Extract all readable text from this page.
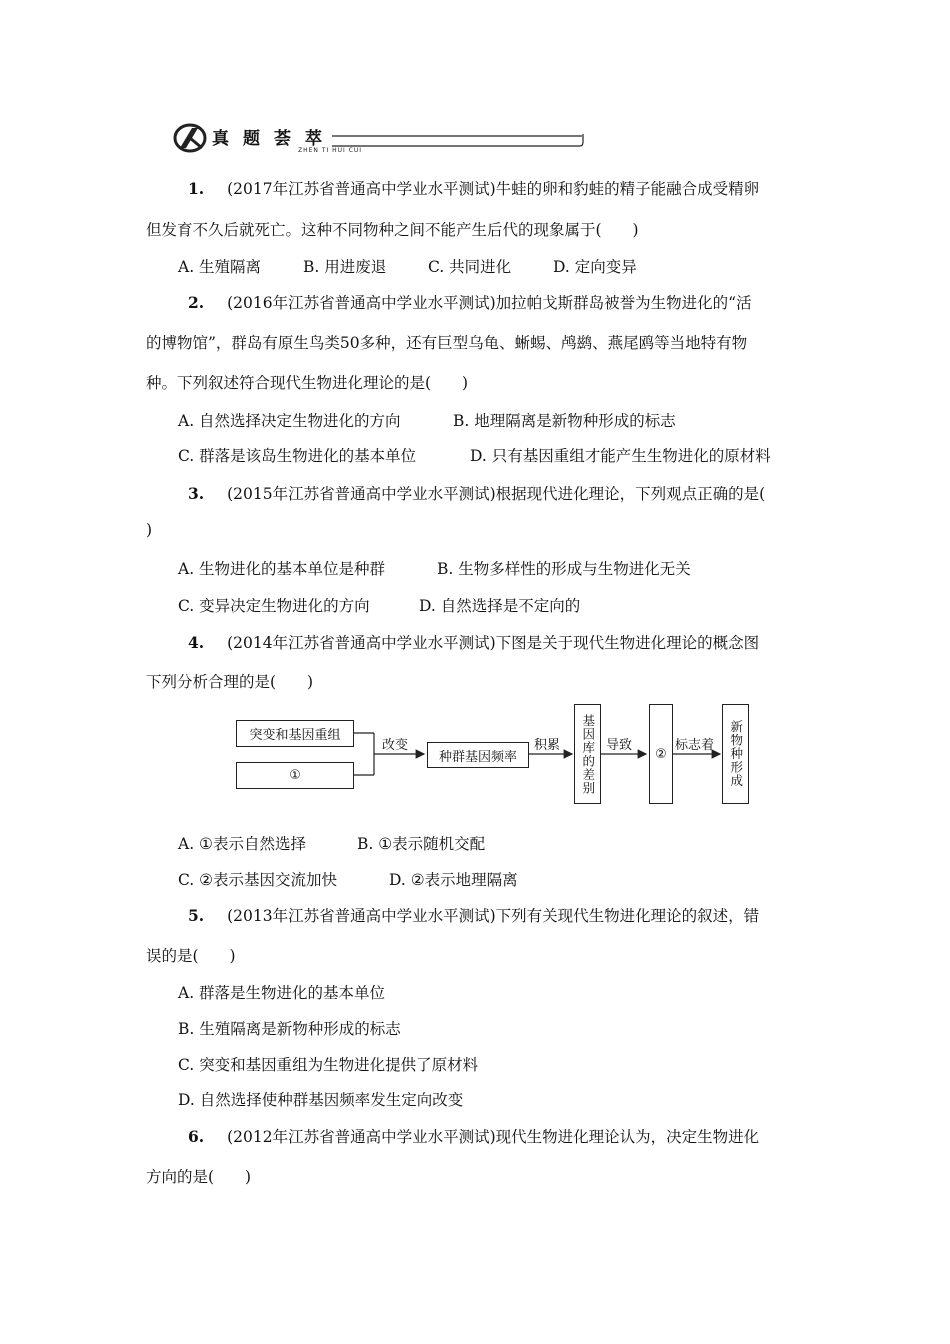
真题荟萃
ZHEN TI HUI CUI
1. (2017年江苏省普通高中学业水平测试)牛蛙的卵和豹蛙的精子能融合成受精卵
但发育不久后就死亡。这种不同物种之间不能产生后代的现象属于(　　)
A. 生殖隔离	B. 用进废退	C. 共同进化	D. 定向变异
2. (2016年江苏省普通高中学业水平测试)加拉帕戈斯群岛被誉为生物进化的“活
的博物馆”，群岛有原生鸟类50多种，还有巨型乌龟、蜥蜴、鸬鹚、燕尾鸥等当地特有物
种。下列叙述符合现代生物进化理论的是(　　)
A. 自然选择决定生物进化的方向	B. 地理隔离是新物种形成的标志
C. 群落是该岛生物进化的基本单位	D. 只有基因重组才能产生生物进化的原材料
3. (2015年江苏省普通高中学业水平测试)根据现代进化理论，下列观点正确的是(
)
A. 生物进化的基本单位是种群	B. 生物多样性的形成与生物进化无关
C. 变异决定生物进化的方向	D. 自然选择是不定向的
4. (2014年江苏省普通高中学业水平测试)下图是关于现代生物进化理论的概念图
下列分析合理的是(　　)
突变和基因重组
①
改变
种群基因频率
积累	基因库的差别 导致
②
标志着	新物种形成
A. ①表示自然选择	B. ①表示随机交配
C. ②表示基因交流加快	D. ②表示地理隔离
5. (2013年江苏省普通高中学业水平测试)下列有关现代生物进化理论的叙述，错
误的是(　　)
A. 群落是生物进化的基本单位
B. 生殖隔离是新物种形成的标志
C. 突变和基因重组为生物进化提供了原材料
D. 自然选择使种群基因频率发生定向改变
6. (2012年江苏省普通高中学业水平测试)现代生物进化理论认为，决定生物进化
方向的是(　　)
